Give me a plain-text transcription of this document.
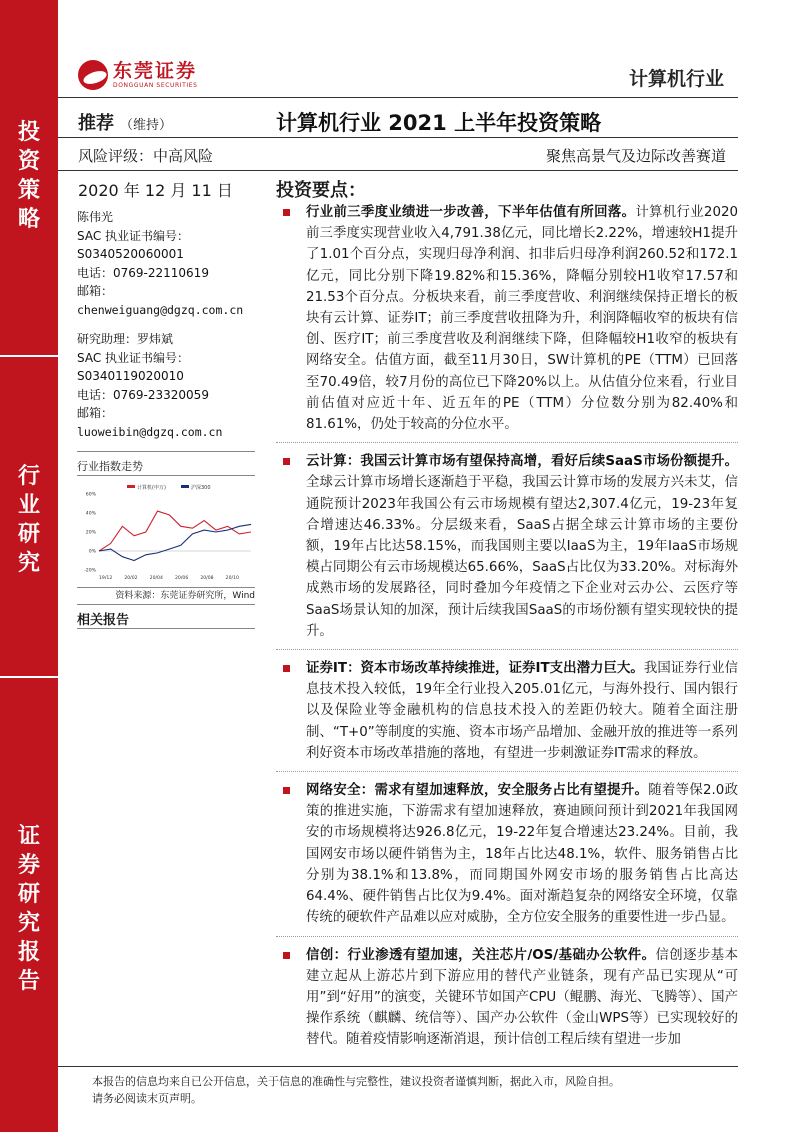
投
资
策
略
行
业
研
究
证
券
研
究
报
告
东莞证券
DONGGUAN SECURITIES	计算机行业
推荐 （维持）	计算机行业 2021 上半年投资策略
风险评级：中高风险	聚焦高景气及边际改善赛道
2020 年 12 月 11 日 投资要点：
陈伟光
SAC 执业证书编号：
S0340520060001
电话：0769-22110619
邮箱：
chenweiguang@dgzq.com.cn
研究助理：罗炜斌
SAC 执业证书编号：
S0340119020010
电话：0769-23320059
邮箱：
luoweibin@dgzq.com.cn
行业指数走势
60%
40%
20%
0%
-20%
19/12	20/02	20/04	20/06	20/08	20/10
计算机(申万)	沪深300
资料来源：东莞证券研究所，Wind
相关报告
行业前三季度业绩进一步改善，下半年估值有所回落。计算机行业2020前三季度实现营业收入4,791.38亿元，同比增长2.22%，增速较H1提升了1.01个百分点，实现归母净利润、扣非后归母净利润260.52和172.1亿元，同比分别下降19.82%和15.36%，降幅分别较H1收窄17.57和21.53个百分点。分板块来看，前三季度营收、利润继续保持正增长的板块有云计算、证券IT；前三季度营收扭降为升，利润降幅收窄的板块有信创、医疗IT；前三季度营收及利润继续下降，但降幅较H1收窄的板块有网络安全。估值方面，截至11月30日，SW计算机的PE（TTM）已回落至70.49倍，较7月份的高位已下降20%以上。从估值分位来看，行业目前估值对应近十年、近五年的PE（TTM）分位数分别为82.40%和81.61%，仍处于较高的分位水平。
云计算：我国云计算市场有望保持高增，看好后续SaaS市场份额提升。全球云计算市场增长逐渐趋于平稳，我国云计算市场的发展方兴未艾，信通院预计2023年我国公有云市场规模有望达2,307.4亿元，19-23年复合增速达46.33%。分层级来看，SaaS占据全球云计算市场的主要份额，19年占比达58.15%，而我国则主要以IaaS为主，19年IaaS市场规模占同期公有云市场规模达65.66%，SaaS占比仅为33.20%。对标海外成熟市场的发展路径，同时叠加今年疫情之下企业对云办公、云医疗等SaaS场景认知的加深，预计后续我国SaaS的市场份额有望实现较快的提升。
证券IT：资本市场改革持续推进，证券IT支出潜力巨大。我国证券行业信息技术投入较低，19年全行业投入205.01亿元，与海外投行、国内银行以及保险业等金融机构的信息技术投入的差距仍较大。随着全面注册制、“T+0”等制度的实施、资本市场产品增加、金融开放的推进等一系列利好资本市场改革措施的落地，有望进一步刺激证券IT需求的释放。
网络安全：需求有望加速释放，安全服务占比有望提升。随着等保2.0政策的推进实施，下游需求有望加速释放，赛迪顾问预计到2021年我国网安的市场规模将达926.8亿元，19-22年复合增速达23.24%。目前，我国网安市场以硬件销售为主，18年占比达48.1%，软件、服务销售占比分别为38.1%和13.8%，而同期国外网安市场的服务销售占比高达64.4%、硬件销售占比仅为9.4%。面对渐趋复杂的网络安全环境，仅靠传统的硬软件产品难以应对威胁，全方位安全服务的重要性进一步凸显。
信创：行业渗透有望加速，关注芯片/OS/基础办公软件。信创逐步基本建立起从上游芯片到下游应用的替代产业链条，现有产品已实现从“可用”到“好用”的演变，关键环节如国产CPU（鲲鹏、海光、飞腾等）、国产操作系统（麒麟、统信等）、国产办公软件（金山WPS等）已实现较好的替代。随着疫情影响逐渐消退，预计信创工程后续有望进一步加
本报告的信息均来自已公开信息，关于信息的准确性与完整性，建议投资者谨慎判断，据此入市，风险自担。
请务必阅读末页声明。
